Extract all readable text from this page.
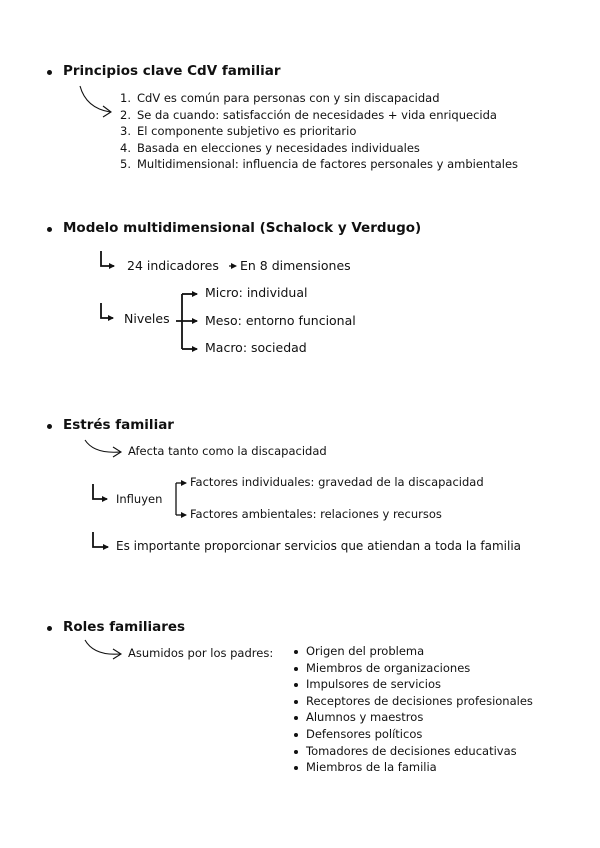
Principios clave CdV familiar
1. CdV es común para personas con y sin discapacidad
2. Se da cuando: satisfacción de necesidades + vida enriquecida
3. El componente subjetivo es prioritario
4. Basada en elecciones y necesidades individuales
5. Multidimensional: influencia de factores personales y ambientales
Modelo multidimensional (Schalock y Verdugo)
24 indicadores En 8 dimensiones
Niveles
Micro: individual
Meso: entorno funcional
Macro: sociedad
Estrés familiar
Afecta tanto como la discapacidad
Influyen
Factores individuales: gravedad de la discapacidad
Factores ambientales: relaciones y recursos
Es importante proporcionar servicios que atiendan a toda la familia
Roles familiares
Asumidos por los padres:	Origen del problema
Miembros de organizaciones
Impulsores de servicios
Receptores de decisiones profesionales
Alumnos y maestros
Defensores políticos
Tomadores de decisiones educativas
Miembros de la familia
